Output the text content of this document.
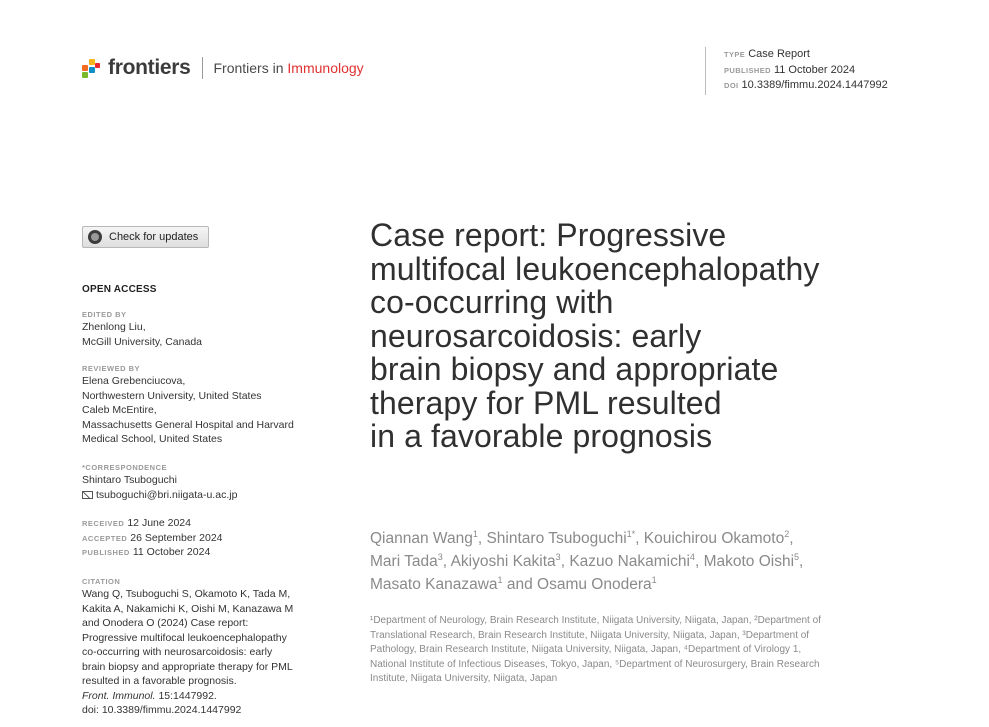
frontiers Frontiers in Immunology
TYPE Case Report
PUBLISHED 11 October 2024
DOI 10.3389/fimmu.2024.1447992
Check for updates
OPEN ACCESS
EDITED BY
Zhenlong Liu,
McGill University, Canada
REVIEWED BY
Elena Grebenciucova,
Northwestern University, United States
Caleb McEntire,
Massachusetts General Hospital and Harvard
Medical School, United States
*CORRESPONDENCE
Shintaro Tsuboguchi
tsuboguchi@bri.niigata-u.ac.jp
RECEIVED 12 June 2024
ACCEPTED 26 September 2024
PUBLISHED 11 October 2024
CITATION
Wang Q, Tsuboguchi S, Okamoto K, Tada M,
Kakita A, Nakamichi K, Oishi M, Kanazawa M
and Onodera O (2024) Case report:
Progressive multifocal leukoencephalopathy
co-occurring with neurosarcoidosis: early
brain biopsy and appropriate therapy for PML
resulted in a favorable prognosis.
Front. Immunol. 15:1447992.
doi: 10.3389/fimmu.2024.1447992
Case report: Progressive
multifocal leukoencephalopathy
co-occurring with
neurosarcoidosis: early
brain biopsy and appropriate
therapy for PML resulted
in a favorable prognosis
Qiannan Wang$^1$, Shintaro Tsuboguchi$^{1*}$, Kouichirou Okamoto$^2$,
Mari Tada$^3$, Akiyoshi Kakita$^3$, Kazuo Nakamichi$^4$, Makoto Oishi$^5$,
Masato Kanazawa$^1$ and Osamu Onodera$^1$
¹Department of Neurology, Brain Research Institute, Niigata University, Niigata, Japan, ²Department of
Translational Research, Brain Research Institute, Niigata University, Niigata, Japan, ³Department of
Pathology, Brain Research Institute, Niigata University, Niigata, Japan, ⁴Department of Virology 1,
National Institute of Infectious Diseases, Tokyo, Japan, ⁵Department of Neurosurgery, Brain Research
Institute, Niigata University, Niigata, Japan
